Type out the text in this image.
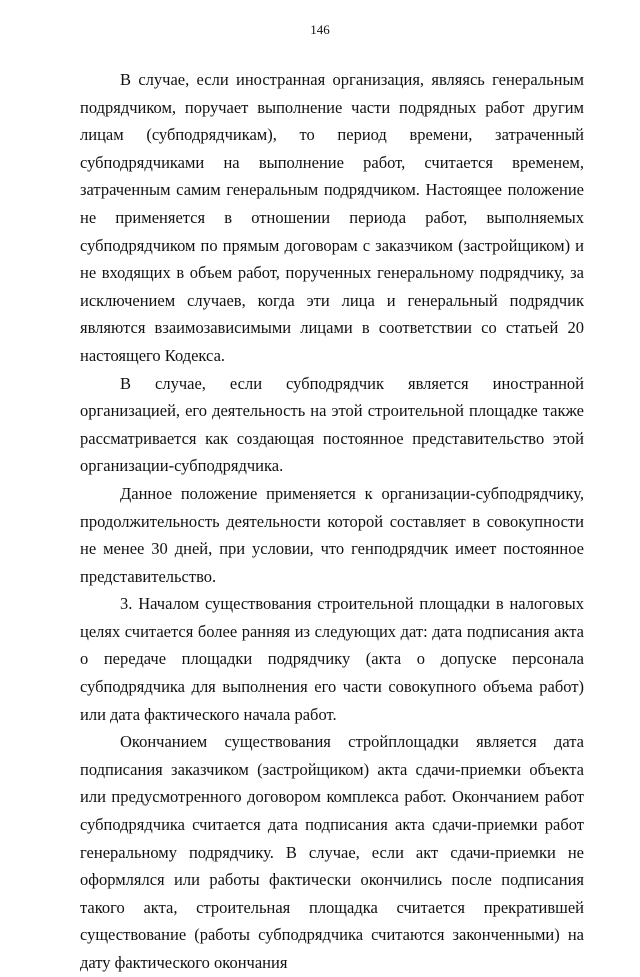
146

В случае, если иностранная организация, являясь генеральным подрядчиком, поручает выполнение части подрядных работ другим лицам (субподрядчикам), то период времени, затраченный субподрядчиками на выполнение работ, считается временем, затраченным самим генеральным подрядчиком. Настоящее положение не применяется в отношении периода работ, выполняемых субподрядчиком по прямым договорам с заказчиком (застройщиком) и не входящих в объем работ, порученных генеральному подрядчику, за исключением случаев, когда эти лица и генеральный подрядчик являются взаимозависимыми лицами в соответствии со статьей 20 настоящего Кодекса.

В случае, если субподрядчик является иностранной организацией, его деятельность на этой строительной площадке также рассматривается как создающая постоянное представительство этой организации-субподрядчика.

Данное положение применяется к организации-субподрядчику, продолжительность деятельности которой составляет в совокупности не менее 30 дней, при условии, что генподрядчик имеет постоянное представительство.

3. Началом существования строительной площадки в налоговых целях считается более ранняя из следующих дат: дата подписания акта о передаче площадки подрядчику (акта о допуске персонала субподрядчика для выполнения его части совокупного объема работ) или дата фактического начала работ.

Окончанием существования стройплощадки является дата подписания заказчиком (застройщиком) акта сдачи-приемки объекта или предусмотренного договором комплекса работ. Окончанием работ субподрядчика считается дата подписания акта сдачи-приемки работ генеральному подрядчику. В случае, если акт сдачи-приемки не оформлялся или работы фактически окончились после подписания такого акта, строительная площадка считается прекратившей существование (работы субподрядчика считаются законченными) на дату фактического окончания
